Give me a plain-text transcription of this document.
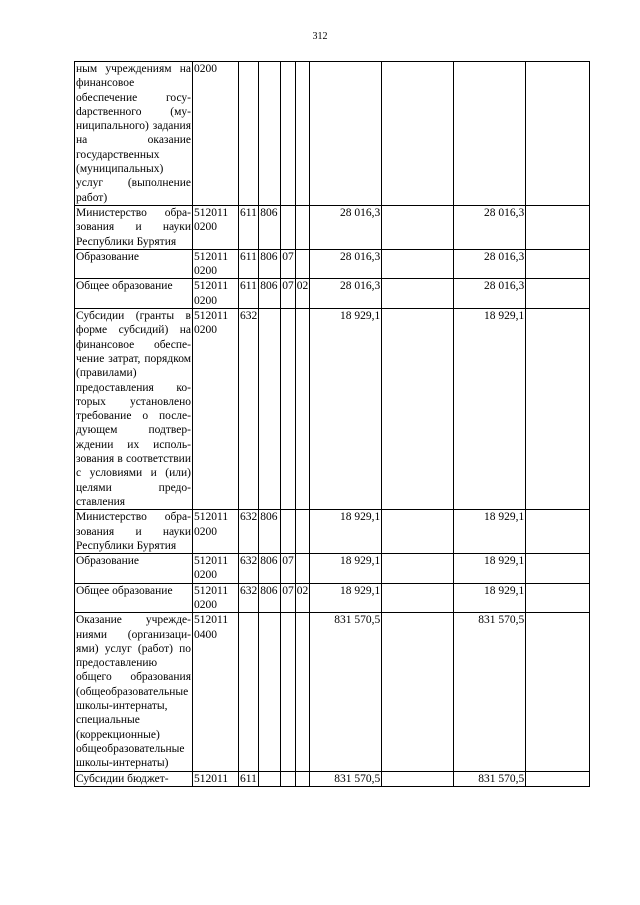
312
ным учреждениям на финансовое обеспечение госуdарственного (муниципального) задания на оказание государственных (муниципальных) услуг (выполнение работ)	0200								
Министерство образования и науки Республики Бурятия	512011 0200	611	806			28 016,3		28 016,3	
Образование	512011 0200	611	806	07		28 016,3		28 016,3	
Общее образование	512011 0200	611	806	07	02	28 016,3		28 016,3	
Субсидии (гранты в форме субсидий) на финансовое обеспечение затрат, порядком (правилами) предоставления которых установлено требование о последующем подтверждении их использования в соответствии с условиями и (или) целями предоставления	512011 0200	632				18 929,1		18 929,1	
Министерство образования и науки Республики Бурятия	512011 0200	632	806			18 929,1		18 929,1	
Образование	512011 0200	632	806	07		18 929,1		18 929,1	
Общее образование	512011 0200	632	806	07	02	18 929,1		18 929,1	
Оказание учреждениями (организациями) услуг (работ) по предоставлению общего образования (общеобразовательные школы-интернаты, специальные (коррекционные) общеобразовательные школы-интернаты)	512011 0400					831 570,5		831 570,5	
Субсидии бюджет-	512011	611				831 570,5		831 570,5	
